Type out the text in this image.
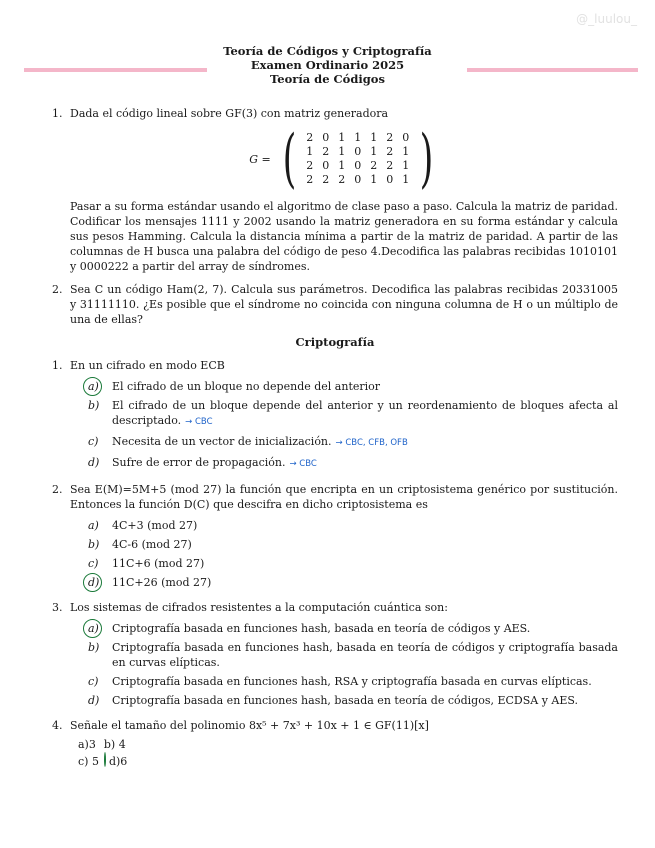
@_luulou_
Teoría de Códigos y Criptografía
Examen Ordinario 2025
Teoría de Códigos
1. Dada el código lineal sobre GF(3) con matriz generadora
G = ( 2 0 1 1 1 2 0
1 2 1 0 1 2 1
2 0 1 0 2 2 1
2 2 2 0 1 0 1 )
Pasar a su forma estándar usando el algoritmo de clase paso a paso. Calcula la matriz de paridad. Codificar los mensajes 1111 y 2002 usando la matriz generadora en su forma estándar y calcula sus pesos Hamming. Calcula la distancia mínima a partir de la matriz de paridad. A partir de las columnas de H busca una palabra del código de peso 4.Decodifica las palabras recibidas 1010101 y 0000222 a partir del array de síndromes.
2. Sea C un código Ham(2, 7). Calcula sus parámetros. Decodifica las palabras recibidas 20331005 y 31111110. ¿Es posible que el síndrome no coincida con ninguna columna de H o un múltiplo de una de ellas?
Criptografía
1. En un cifrado en modo ECB
a)	El cifrado de un bloque no depende del anterior
b)	El cifrado de un bloque depende del anterior y un reordenamiento de bloques afecta al descriptado. → CBC
c)	Necesita de un vector de inicialización. → CBC, CFB, OFB
d)	Sufre de error de propagación. → CBC
2. Sea E(M)=5M+5 (mod 27) la función que encripta en un criptosistema genérico por sustitución. Entonces la función D(C) que descifra en dicho criptosistema es
a)	4C+3 (mod 27)
b)	4C-6 (mod 27)
c)	11C+6 (mod 27)
d)	11C+26 (mod 27)
3. Los sistemas de cifrados resistentes a la computación cuántica son:
a)	Criptografía basada en funciones hash, basada en teoría de códigos y AES.
b)	Criptografía basada en funciones hash, basada en teoría de códigos y criptografía basada en curvas elípticas.
c)	Criptografía basada en funciones hash, RSA y criptografía basada en curvas elípticas.
d)	Criptografía basada en funciones hash, basada en teoría de códigos, ECDSA y AES.
4. Señale el tamaño del polinomio 8x⁵ + 7x³ + 10x + 1 ∈ GF(11)[x]
a)3 b) 4
c) 5 d)6
